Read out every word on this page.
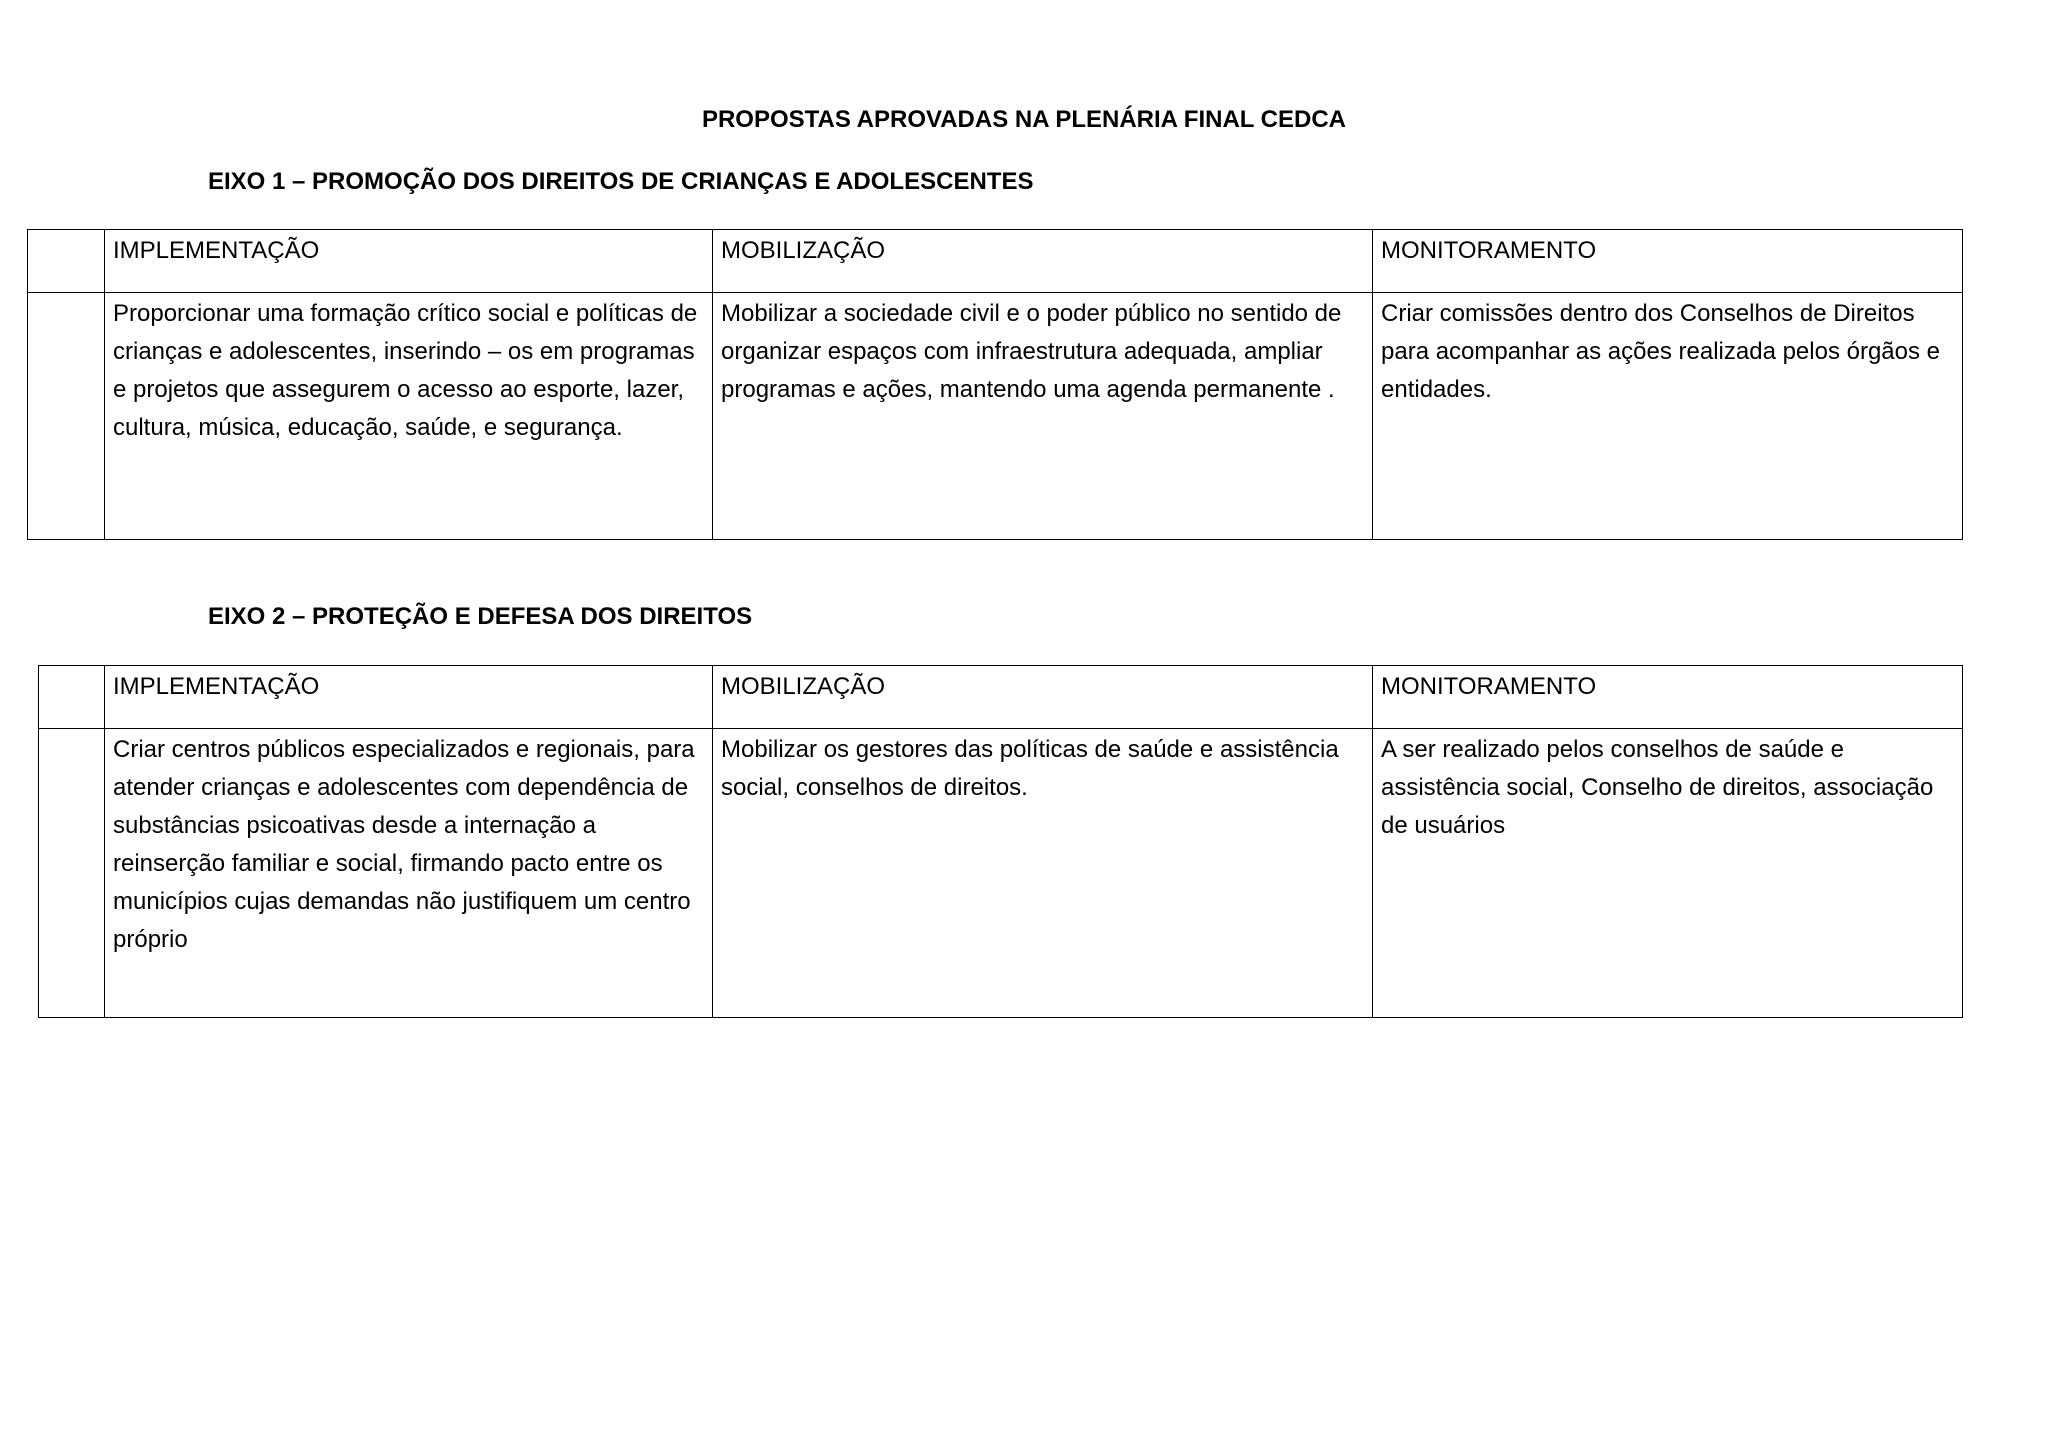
PROPOSTAS APROVADAS NA PLENÁRIA FINAL CEDCA
EIXO 1 – PROMOÇÃO DOS DIREITOS DE CRIANÇAS E ADOLESCENTES
	IMPLEMENTAÇÃO	MOBILIZAÇÃO	MONITORAMENTO
	Proporcionar uma formação crítico social e políticas de crianças e adolescentes, inserindo – os em programas e projetos que assegurem o acesso ao esporte, lazer, cultura, música, educação, saúde, e segurança.	Mobilizar a sociedade civil e o poder público no sentido de organizar espaços com infraestrutura adequada, ampliar programas e ações, mantendo uma agenda permanente .	Criar comissões dentro dos Conselhos de Direitos para acompanhar as ações realizada pelos órgãos e entidades.
EIXO 2 – PROTEÇÃO E DEFESA DOS DIREITOS
	IMPLEMENTAÇÃO	MOBILIZAÇÃO	MONITORAMENTO
	Criar centros públicos especializados e regionais, para atender crianças e adolescentes com dependência de substâncias psicoativas desde a internação a reinserção familiar e social, firmando pacto entre os municípios cujas demandas não justifiquem um centro próprio	Mobilizar os gestores das políticas de saúde e assistência social, conselhos de direitos.	A ser realizado pelos conselhos de saúde e assistência social, Conselho de direitos, associação de usuários
